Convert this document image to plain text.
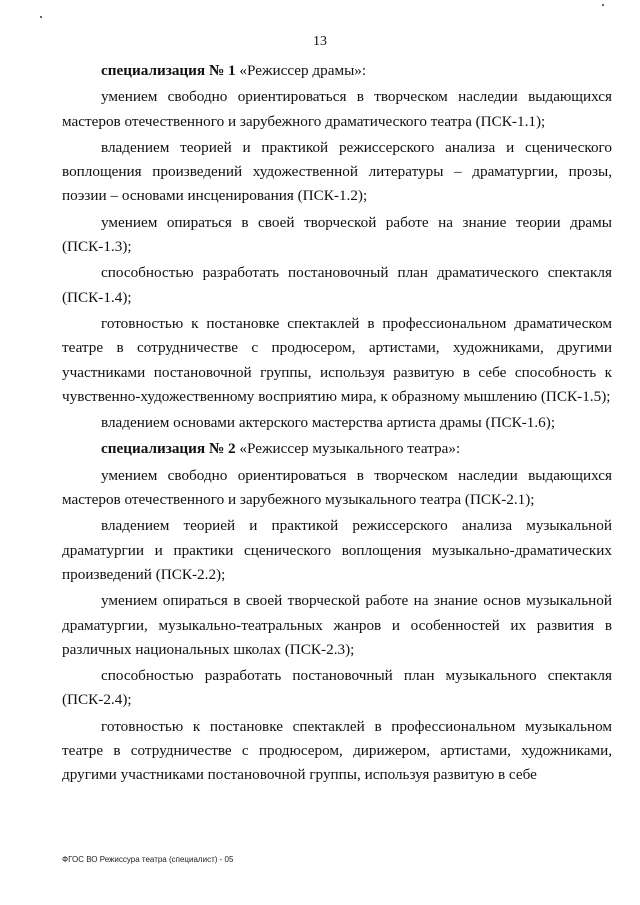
13

специализация № 1 «Режиссер драмы»:

умением свободно ориентироваться в творческом наследии выдающихся мастеров отечественного и зарубежного драматического театра (ПСК-1.1);

владением теорией и практикой режиссерского анализа и сценического воплощения произведений художественной литературы – драматургии, прозы, поэзии – основами инсценирования (ПСК-1.2);

умением опираться в своей творческой работе на знание теории драмы (ПСК-1.3);

способностью разработать постановочный план драматического спектакля (ПСК-1.4);

готовностью к постановке спектаклей в профессиональном драматическом театре в сотрудничестве с продюсером, артистами, художниками, другими участниками постановочной группы, используя развитую в себе способность к чувственно-художественному восприятию мира, к образному мышлению (ПСК-1.5);

владением основами актерского мастерства артиста драмы (ПСК-1.6);

специализация № 2 «Режиссер музыкального театра»:

умением свободно ориентироваться в творческом наследии выдающихся мастеров отечественного и зарубежного музыкального театра (ПСК-2.1);

владением теорией и практикой режиссерского анализа музыкальной драматургии и практики сценического воплощения музыкально-драматических произведений (ПСК-2.2);

умением опираться в своей творческой работе на знание основ музыкальной драматургии, музыкально-театральных жанров и особенностей их развития в различных национальных школах (ПСК-2.3);

способностью разработать постановочный план музыкального спектакля (ПСК-2.4);

готовностью к постановке спектаклей в профессиональном музыкальном театре в сотрудничестве с продюсером, дирижером, артистами, художниками, другими участниками постановочной группы, используя развитую в себе

ФГОС ВО Режиссура театра (специалист) - 05
